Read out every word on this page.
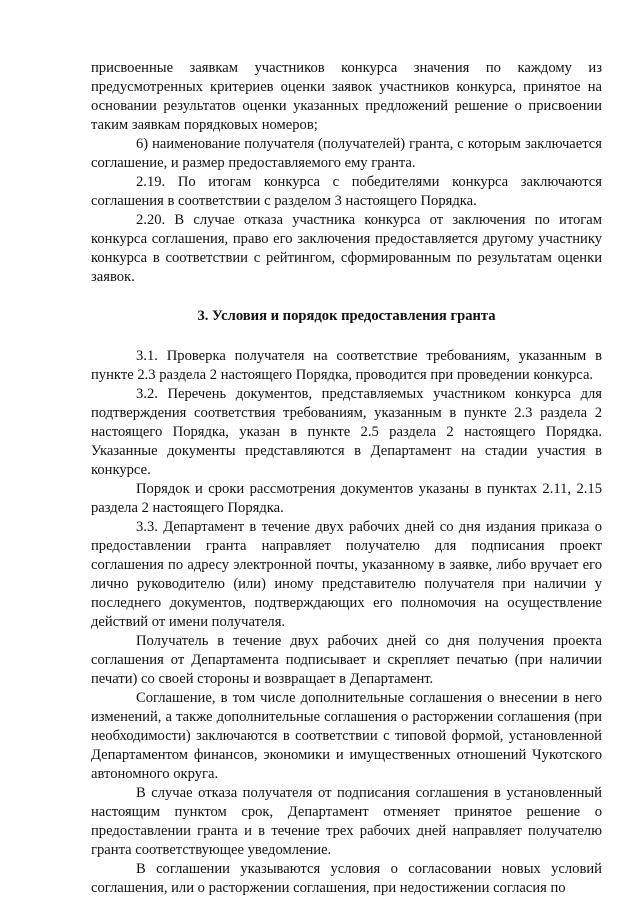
присвоенные заявкам участников конкурса значения по каждому из предусмотренных критериев оценки заявок участников конкурса, принятое на основании результатов оценки указанных предложений решение о присвоении таким заявкам порядковых номеров;

6) наименование получателя (получателей) гранта, с которым заключается соглашение, и размер предоставляемого ему гранта.

2.19. По итогам конкурса с победителями конкурса заключаются соглашения в соответствии с разделом 3 настоящего Порядка.

2.20. В случае отказа участника конкурса от заключения по итогам конкурса соглашения, право его заключения предоставляется другому участнику конкурса в соответствии с рейтингом, сформированным по результатам оценки заявок.

3. Условия и порядок предоставления гранта

3.1. Проверка получателя на соответствие требованиям, указанным в пункте 2.3 раздела 2 настоящего Порядка, проводится при проведении конкурса.

3.2. Перечень документов, представляемых участником конкурса для подтверждения соответствия требованиям, указанным в пункте 2.3 раздела 2 настоящего Порядка, указан в пункте 2.5 раздела 2 настоящего Порядка. Указанные документы представляются в Департамент на стадии участия в конкурсе.

Порядок и сроки рассмотрения документов указаны в пунктах 2.11, 2.15 раздела 2 настоящего Порядка.

3.3. Департамент в течение двух рабочих дней со дня издания приказа о предоставлении гранта направляет получателю для подписания проект соглашения по адресу электронной почты, указанному в заявке, либо вручает его лично руководителю (или) иному представителю получателя при наличии у последнего документов, подтверждающих его полномочия на осуществление действий от имени получателя.

Получатель в течение двух рабочих дней со дня получения проекта соглашения от Департамента подписывает и скрепляет печатью (при наличии печати) со своей стороны и возвращает в Департамент.

Соглашение, в том числе дополнительные соглашения о внесении в него изменений, а также дополнительные соглашения о расторжении соглашения (при необходимости) заключаются в соответствии с типовой формой, установленной Департаментом финансов, экономики и имущественных отношений Чукотского автономного округа.

В случае отказа получателя от подписания соглашения в установленный настоящим пунктом срок, Департамент отменяет принятое решение о предоставлении гранта и в течение трех рабочих дней направляет получателю гранта соответствующее уведомление.

В соглашении указываются условия о согласовании новых условий соглашения, или о расторжении соглашения, при недостижении согласия по
